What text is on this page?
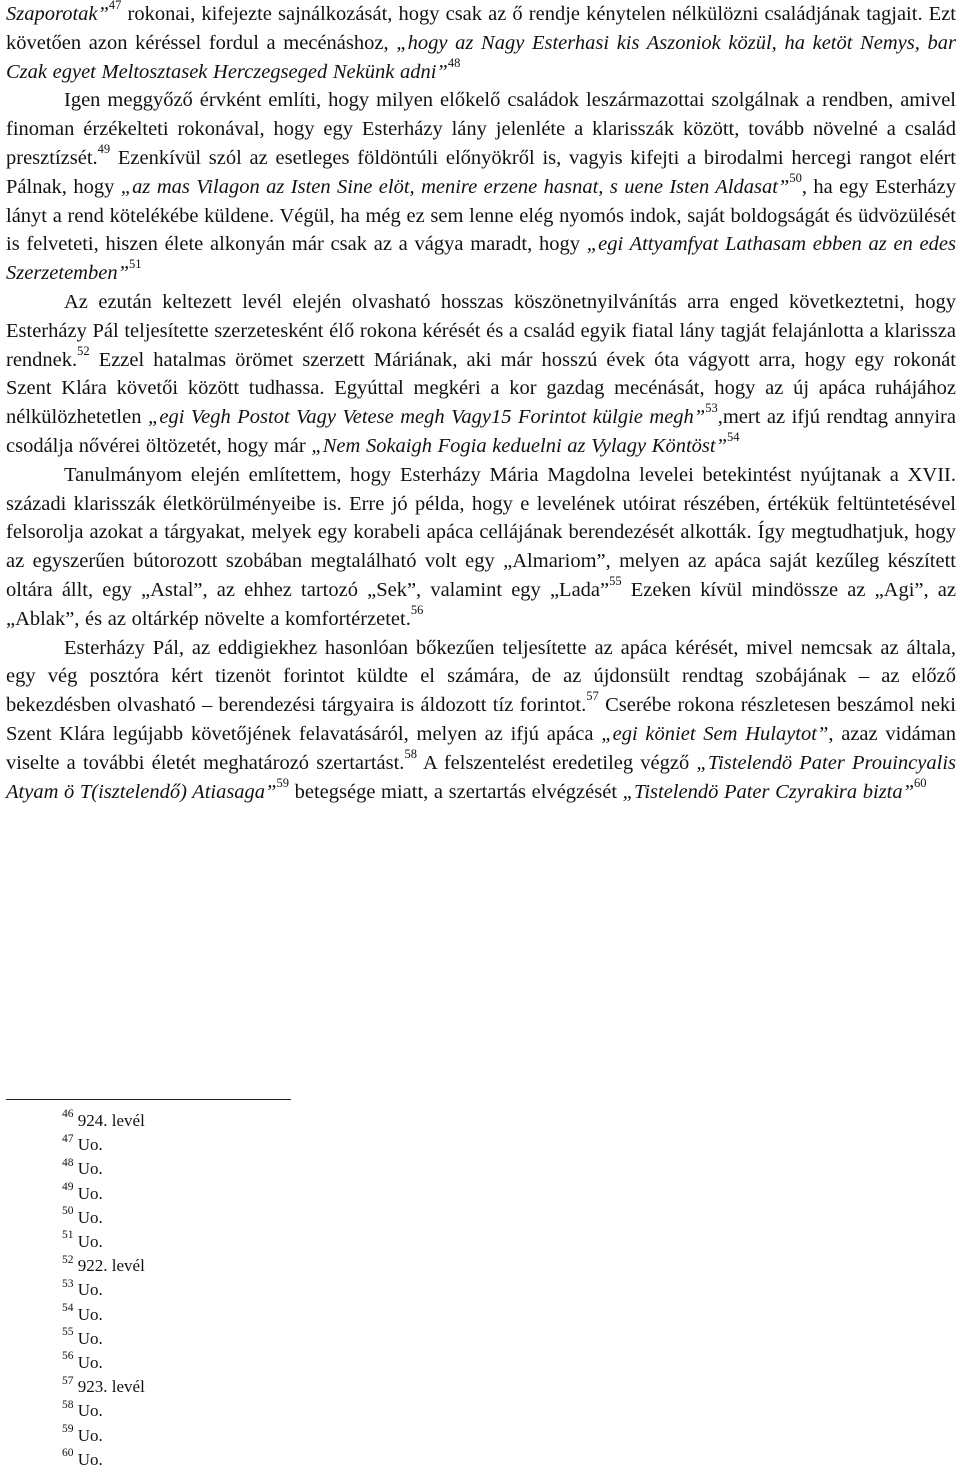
Szaporotak”$^{47}$ rokonai, kifejezte sajnálkozását, hogy csak az ő rendje kénytelen nélkülözni családjának tagjait. Ezt követően azon kéréssel fordul a mecénáshoz, „hogy az Nagy Esterhasi kis Aszoniok közül, ha ketöt Nemys, bar Czak egyet Meltosztasek Herczegseged Nekünk adni”$^{48}$

Igen meggyőző érvként említi, hogy milyen előkelő családok leszármazottai szolgálnak a rendben, amivel finoman érzékelteti rokonával, hogy egy Esterházy lány jelenléte a klarisszák között, tovább növelné a család presztízsét.$^{49}$ Ezenkívül szól az esetleges földöntúli előnyökről is, vagyis kifejti a birodalmi hercegi rangot elért Pálnak, hogy „az mas Vilagon az Isten Sine elöt, menire erzene hasnat, s uene Isten Aldasat”$^{50}$, ha egy Esterházy lányt a rend kötelékébe küldene. Végül, ha még ez sem lenne elég nyomós indok, saját boldogságát és üdvözülését is felveteti, hiszen élete alkonyán már csak az a vágya maradt, hogy „egi Attyamfyat Lathasam ebben az en edes Szerzetemben”$^{51}$

Az ezután keltezett levél elején olvasható hosszas köszönetnyilvánítás arra enged következtetni, hogy Esterházy Pál teljesítette szerzetesként élő rokona kérését és a család egyik fiatal lány tagját felajánlotta a klarissza rendnek.$^{52}$ Ezzel hatalmas örömet szerzett Máriának, aki már hosszú évek óta vágyott arra, hogy egy rokonát Szent Klára követői között tudhassa. Egyúttal megkéri a kor gazdag mecénását, hogy az új apáca ruhájához nélkülözhetetlen „egi Vegh Postot Vagy Vetese megh Vagy15 Forintot külgie megh”$^{53}$,mert az ifjú rendtag annyira csodálja nővérei öltözetét, hogy már „Nem Sokaigh Fogia keduelni az Vylagy Köntöst”$^{54}$

Tanulmányom elején említettem, hogy Esterházy Mária Magdolna levelei betekintést nyújtanak a XVII. századi klarisszák életkörülményeibe is. Erre jó példa, hogy e levelének utóirat részében, értékük feltüntetésével felsorolja azokat a tárgyakat, melyek egy korabeli apáca cellájának berendezését alkották. Így megtudhatjuk, hogy az egyszerűen bútorozott szobában megtalálható volt egy „Almariom”, melyen az apáca saját kezűleg készített oltára állt, egy „Astal”, az ehhez tartozó „Sek”, valamint egy „Lada”$^{55}$ Ezeken kívül mindössze az „Agi”, az „Ablak”, és az oltárkép növelte a komfortérzetet.$^{56}$

Esterházy Pál, az eddigiekhez hasonlóan bőkezűen teljesítette az apáca kérését, mivel nemcsak az általa, egy vég posztóra kért tizenöt forintot küldte el számára, de az újdonsült rendtag szobájának – az előző bekezdésben olvasható – berendezési tárgyaira is áldozott tíz forintot.$^{57}$ Cserébe rokona részletesen beszámol neki Szent Klára legújabb követőjének felavatásáról, melyen az ifjú apáca „egi köniet Sem Hulaytot”, azaz vidáman viselte a további életét meghatározó szertartást.$^{58}$ A felszentelést eredetileg végző „Tistelendö Pater Prouincyalis Atyam ö T(isztelendő) Atiasaga”$^{59}$ betegsége miatt, a szertartás elvégzését „Tistelendö Pater Czyrakira bizta”$^{60}$

$^{46}$ 924. levél
$^{47}$ Uo.
$^{48}$ Uo.
$^{49}$ Uo.
$^{50}$ Uo.
$^{51}$ Uo.
$^{52}$ 922. levél
$^{53}$ Uo.
$^{54}$ Uo.
$^{55}$ Uo.
$^{56}$ Uo.
$^{57}$ 923. levél
$^{58}$ Uo.
$^{59}$ Uo.
$^{60}$ Uo.
